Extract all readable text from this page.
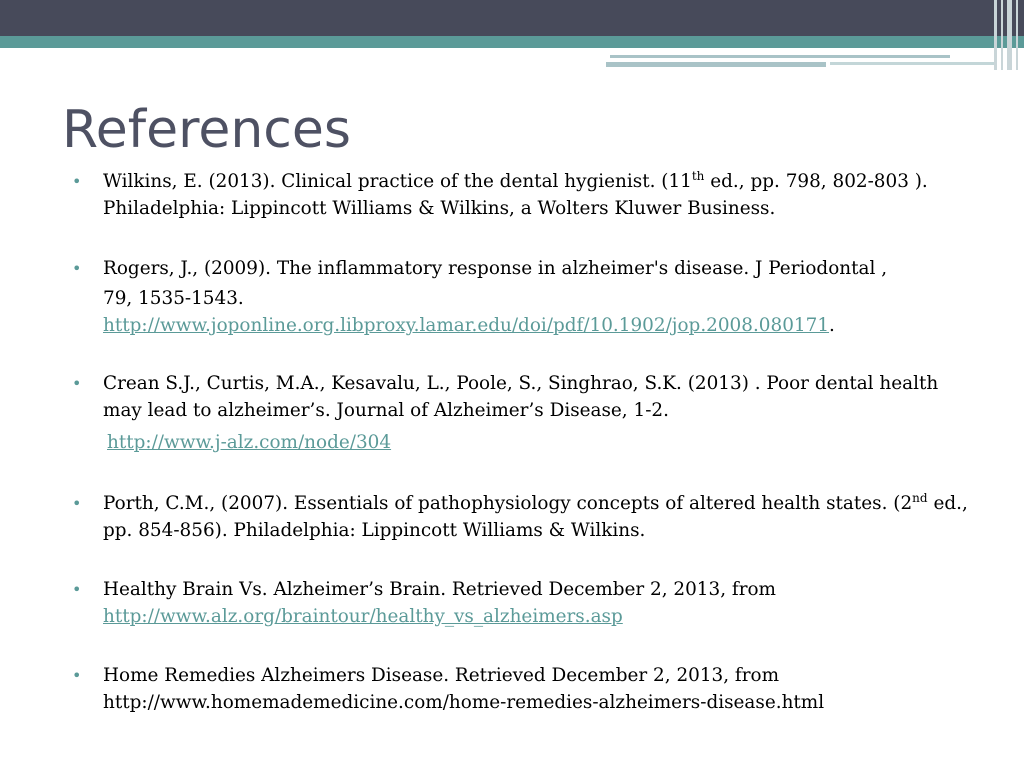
References
• Wilkins, E. (2013). Clinical practice of the dental hygienist. (11th ed., pp. 798, 802-803 ). Philadelphia: Lippincott Williams & Wilkins, a Wolters Kluwer Business.
• Rogers, J., (2009). The inflammatory response in alzheimer's disease. J Periodontal ,
79, 1535-1543.
http://www.joponline.org.libproxy.lamar.edu/doi/pdf/10.1902/jop.2008.080171.
• Crean S.J., Curtis, M.A., Kesavalu, L., Poole, S., Singhrao, S.K. (2013) . Poor dental health may lead to alzheimer’s. Journal of Alzheimer’s Disease, 1-2.
http://www.j-alz.com/node/304
• Porth, C.M., (2007). Essentials of pathophysiology concepts of altered health states. (2nd ed., pp. 854-856). Philadelphia: Lippincott Williams & Wilkins.
• Healthy Brain Vs. Alzheimer’s Brain. Retrieved December 2, 2013, from http://www.alz.org/braintour/healthy_vs_alzheimers.asp
• Home Remedies Alzheimers Disease. Retrieved December 2, 2013, from http://www.homemademedicine.com/home-remedies-alzheimers-disease.html
